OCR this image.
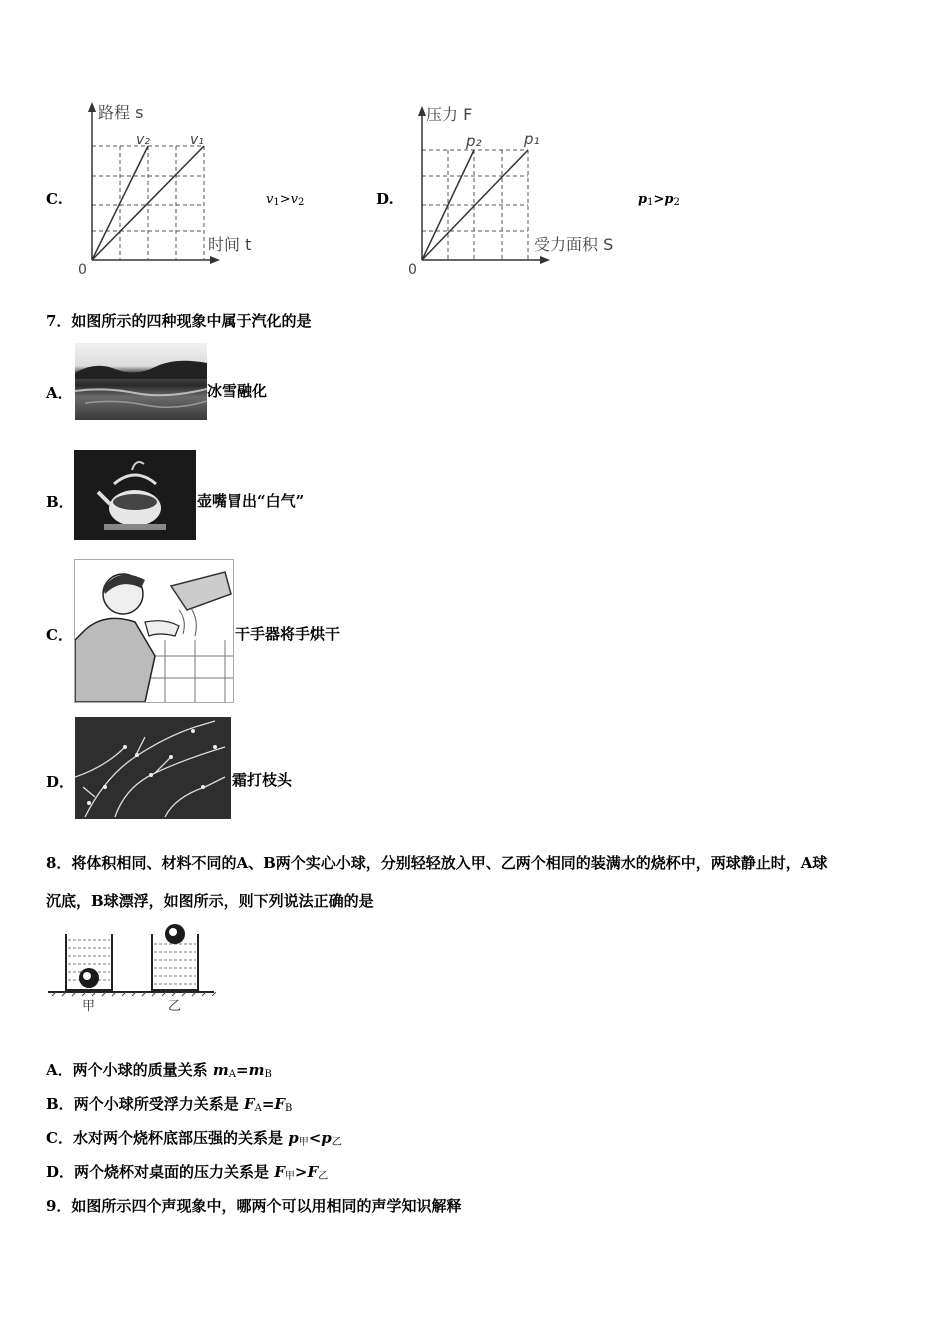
C.
路程 s
v₂	v₁
时间 t
0
v1>v2	D.
压力 F
p₂	p₁
受力面积 S
0
p1>p2
7．如图所示的四种现象中属于汽化的是
A．	冰雪融化
B．	壶嘴冒出“白气”
C．	干手器将手烘干
D．	霜打枝头
8．将体积相同、材料不同的A、B两个实心小球，分别轻轻放入甲、乙两个相同的装满水的烧杯中，两球静止时，A球
沉底，B球漂浮，如图所示，则下列说法正确的是
甲	乙
A．两个小球的质量关系 mA=mB
B．两个小球所受浮力关系是 FA=FB
C．水对两个烧杯底部压强的关系是 p甲<p乙
D．两个烧杯对桌面的压力关系是 F甲>F乙
9．如图所示四个声现象中，哪两个可以用相同的声学知识解释
